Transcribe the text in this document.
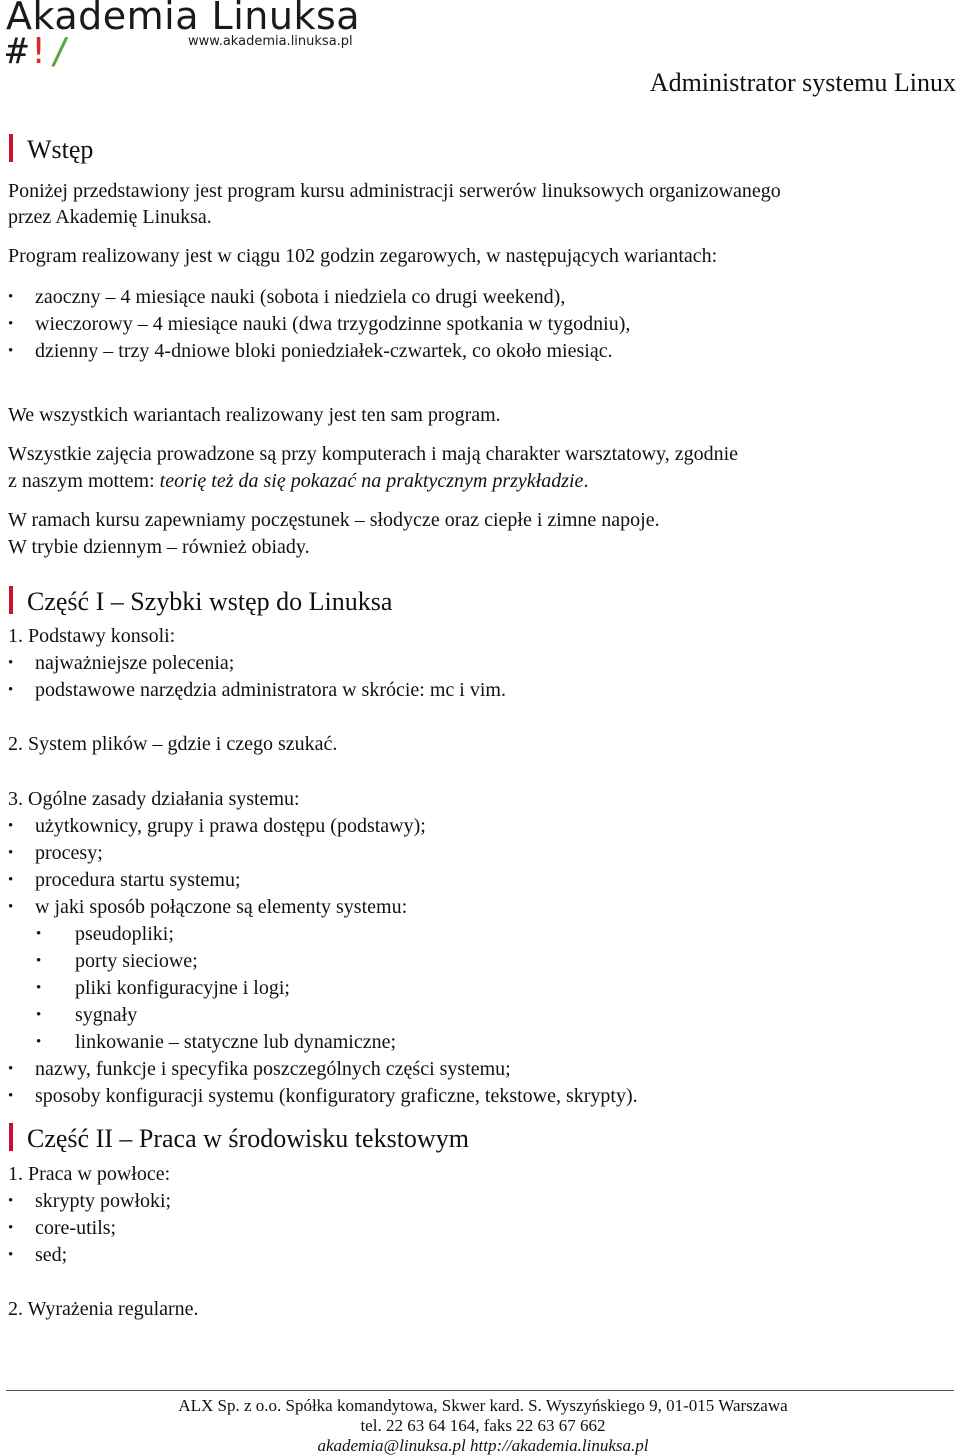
Akademia Linuksa
#!/	www.akademia.linuksa.pl
Administrator systemu Linux
Wstęp
Poniżej przedstawiony jest program kursu administracji serwerów linuksowych organizowanego
przez Akademię Linuksa.
Program realizowany jest w ciągu 102 godzin zegarowych, w następujących wariantach:
• zaoczny – 4 miesiące nauki (sobota i niedziela co drugi weekend),
• wieczorowy – 4 miesiące nauki (dwa trzygodzinne spotkania w tygodniu),
• dzienny – trzy 4-dniowe bloki poniedziałek-czwartek, co około miesiąc.
We wszystkich wariantach realizowany jest ten sam program.
Wszystkie zajęcia prowadzone są przy komputerach i mają charakter warsztatowy, zgodnie
z naszym mottem: teorię też da się pokazać na praktycznym przykładzie.
W ramach kursu zapewniamy poczęstunek – słodycze oraz ciepłe i zimne napoje.
W trybie dziennym – również obiady.
Część I – Szybki wstęp do Linuksa
1. Podstawy konsoli:
• najważniejsze polecenia;
• podstawowe narzędzia administratora w skrócie: mc i vim.
2. System plików – gdzie i czego szukać.
3. Ogólne zasady działania systemu:
• użytkownicy, grupy i prawa dostępu (podstawy);
• procesy;
• procedura startu systemu;
• w jaki sposób połączone są elementy systemu:
• pseudopliki;
• porty sieciowe;
• pliki konfiguracyjne i logi;
• sygnały
• linkowanie – statyczne lub dynamiczne;
• nazwy, funkcje i specyfika poszczególnych części systemu;
• sposoby konfiguracji systemu (konfiguratory graficzne, tekstowe, skrypty).
Część II – Praca w środowisku tekstowym
1. Praca w powłoce:
• skrypty powłoki;
• core-utils;
• sed;
2. Wyrażenia regularne.
ALX Sp. z o.o. Spółka komandytowa, Skwer kard. S. Wyszyńskiego 9, 01-015 Warszawa
tel. 22 63 64 164, faks 22 63 67 662
akademia@linuksa.pl http://akademia.linuksa.pl
